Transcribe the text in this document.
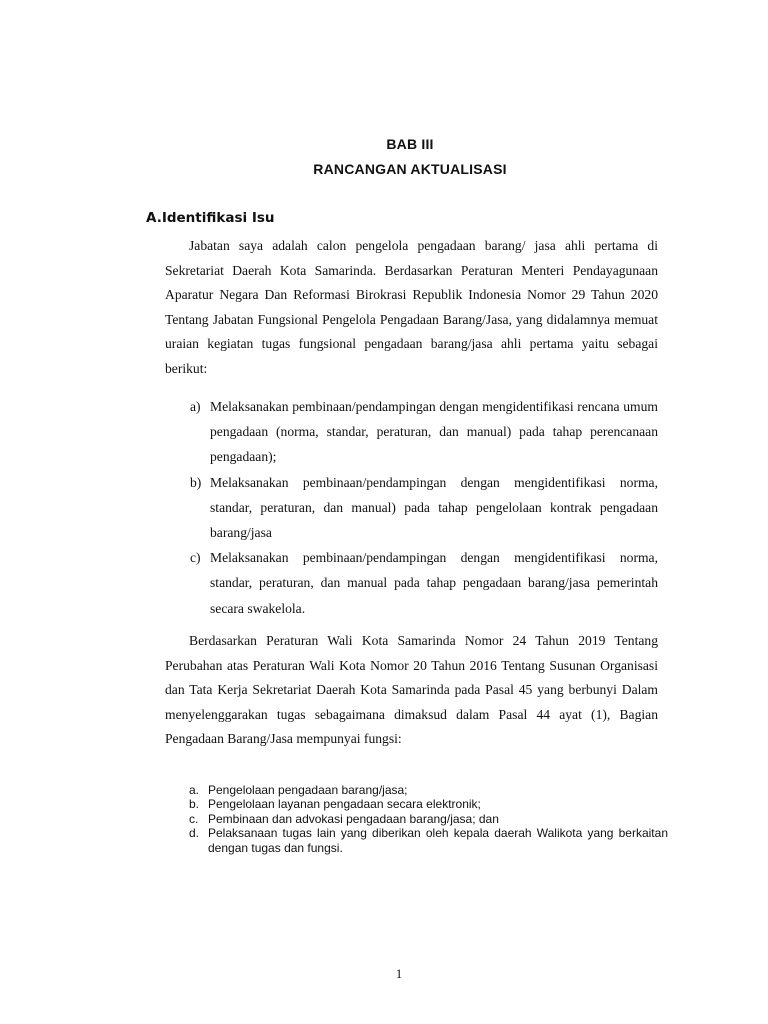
BAB III
RANCANGAN AKTUALISASI
A.Identifikasi Isu

Jabatan saya adalah calon pengelola pengadaan barang/ jasa ahli pertama di Sekretariat Daerah Kota Samarinda. Berdasarkan Peraturan Menteri Pendayagunaan Aparatur Negara Dan Reformasi Birokrasi Republik Indonesia Nomor 29 Tahun 2020 Tentang Jabatan Fungsional Pengelola Pengadaan Barang/Jasa, yang didalamnya memuat uraian kegiatan tugas fungsional pengadaan barang/jasa ahli pertama yaitu sebagai berikut:

a) Melaksanakan pembinaan/pendampingan dengan mengidentifikasi rencana umum pengadaan (norma, standar, peraturan, dan manual) pada tahap perencanaan pengadaan);
b) Melaksanakan pembinaan/pendampingan dengan mengidentifikasi norma, standar, peraturan, dan manual) pada tahap pengelolaan kontrak pengadaan barang/jasa
c) Melaksanakan pembinaan/pendampingan dengan mengidentifikasi norma, standar, peraturan, dan manual pada tahap pengadaan barang/jasa pemerintah secara swakelola.

Berdasarkan Peraturan Wali Kota Samarinda Nomor 24 Tahun 2019 Tentang Perubahan atas Peraturan Wali Kota Nomor 20 Tahun 2016 Tentang Susunan Organisasi dan Tata Kerja Sekretariat Daerah Kota Samarinda pada Pasal 45 yang berbunyi Dalam menyelenggarakan tugas sebagaimana dimaksud dalam Pasal 44 ayat (1), Bagian Pengadaan Barang/Jasa mempunyai fungsi:

a. Pengelolaan pengadaan barang/jasa;
b. Pengelolaan layanan pengadaan secara elektronik;
c. Pembinaan dan advokasi pengadaan barang/jasa; dan
d. Pelaksanaan tugas lain yang diberikan oleh kepala daerah Walikota yang berkaitan dengan tugas dan fungsi.
1
